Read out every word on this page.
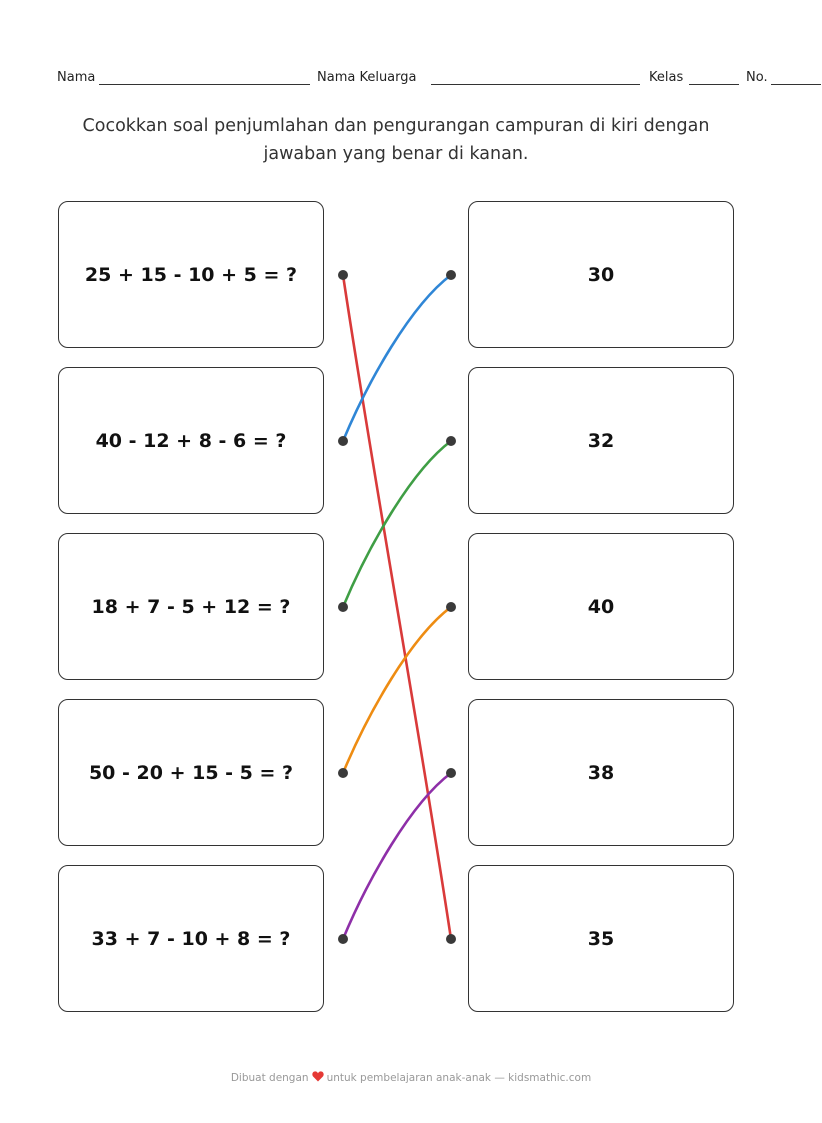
Nama	Nama Keluarga	Kelas	No.
Cocokkan soal penjumlahan dan pengurangan campuran di kiri dengan
jawaban yang benar di kanan.
25 + 15 - 10 + 5 = ?
40 - 12 + 8 - 6 = ?
18 + 7 - 5 + 12 = ?
50 - 20 + 15 - 5 = ?
33 + 7 - 10 + 8 = ?
30
32
40
38
35
Dibuat dengan untuk pembelajaran anak-anak — kidsmathic.com
